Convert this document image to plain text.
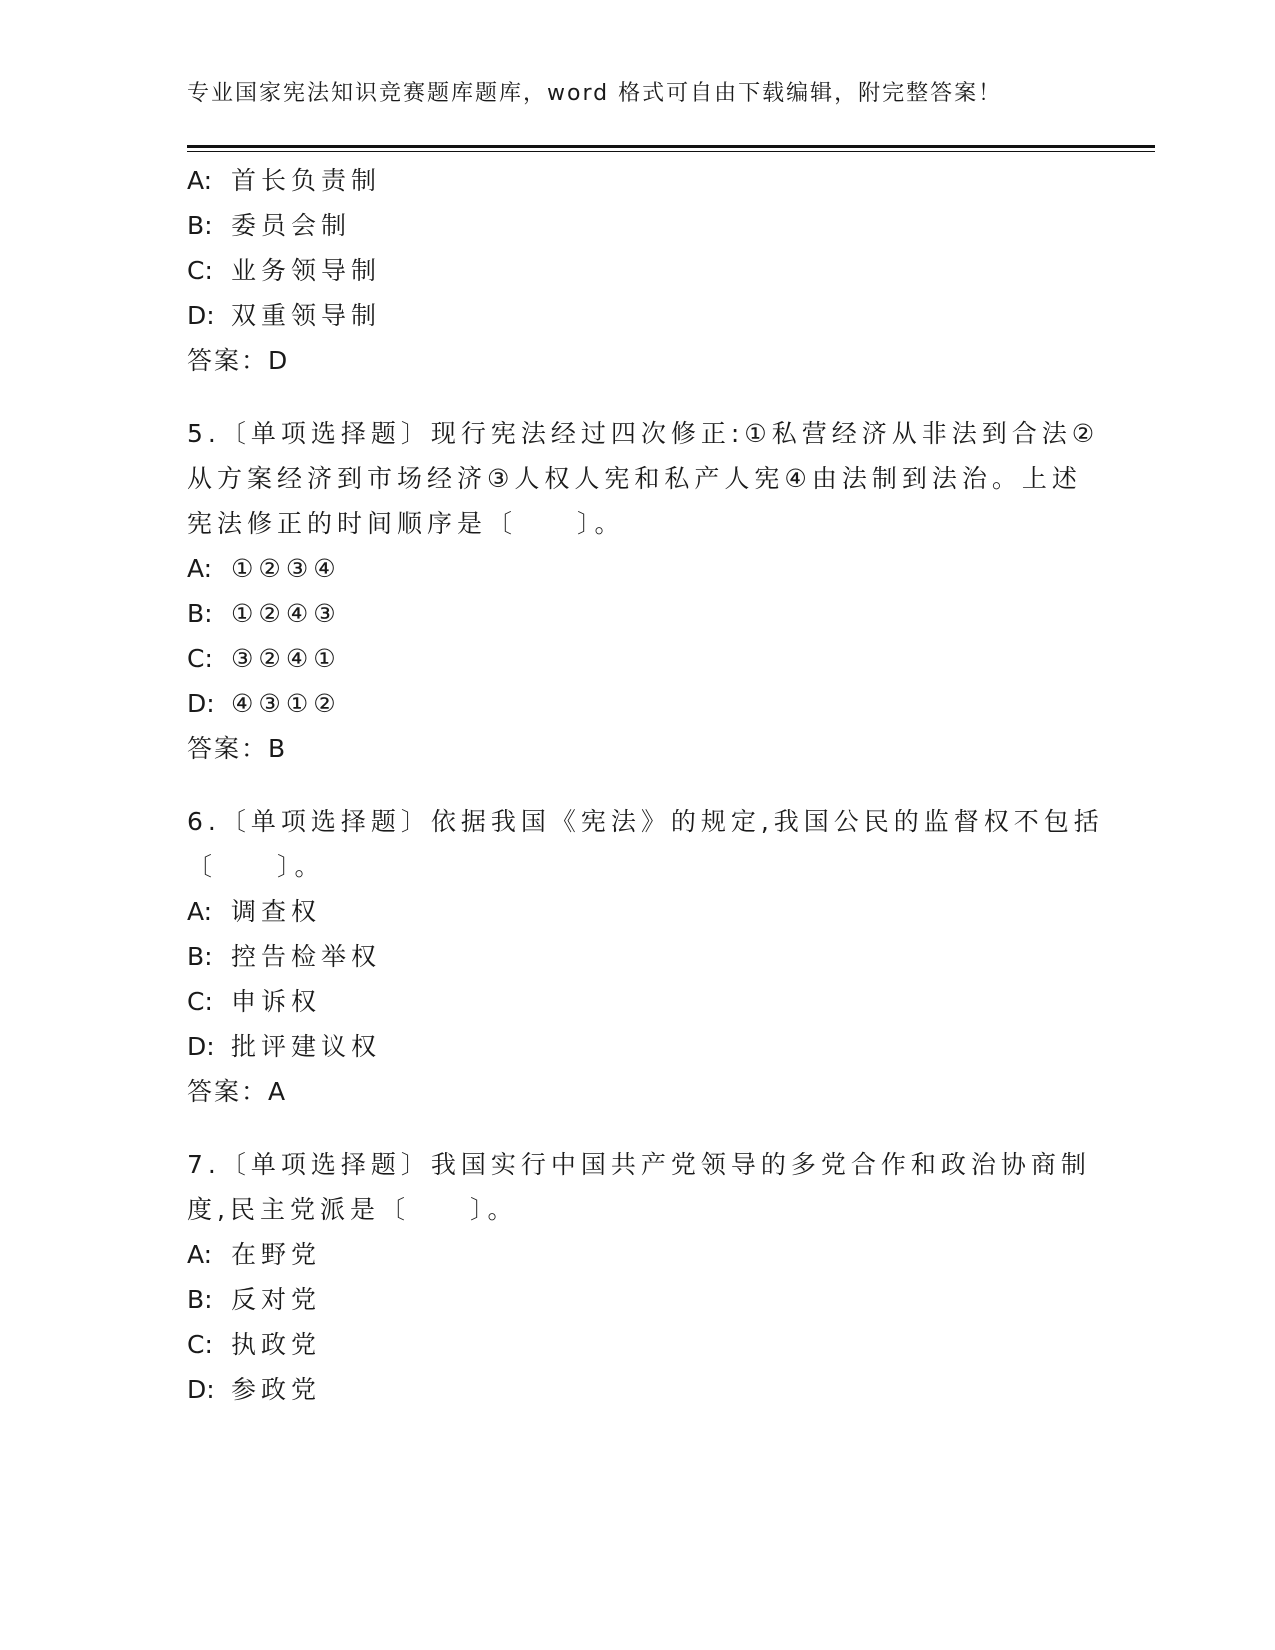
专业国家宪法知识竞赛题库题库，word 格式可自由下载编辑，附完整答案！
A: 首长负责制
B: 委员会制
C: 业务领导制
D: 双重领导制
答案：D
5.〔单项选择题〕现行宪法经过四次修正:①私营经济从非法到合法②
从方案经济到市场经济③人权人宪和私产人宪④由法制到法治。上述
宪法修正的时间顺序是〔　　〕。
A: ①②③④
B: ①②④③
C: ③②④①
D: ④③①②
答案：B
6.〔单项选择题〕依据我国《宪法》的规定,我国公民的监督权不包括
〔　　〕。
A: 调查权
B: 控告检举权
C: 申诉权
D: 批评建议权
答案：A
7.〔单项选择题〕我国实行中国共产党领导的多党合作和政治协商制
度,民主党派是〔　　〕。
A: 在野党
B: 反对党
C: 执政党
D: 参政党
